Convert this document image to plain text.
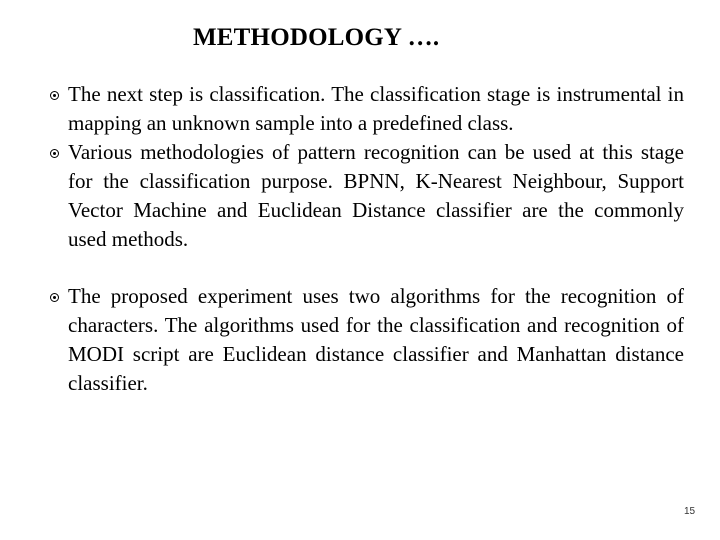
METHODOLOGY ….
The next step is classification. The classification stage is instrumental in mapping an unknown sample into a predefined class.
Various methodologies of pattern recognition can be used at this stage for the classification purpose. BPNN, K-Nearest Neighbour, Support Vector Machine and Euclidean Distance classifier are the commonly used methods.
The proposed experiment uses two algorithms for the recognition of characters. The algorithms used for the classification and recognition of MODI script are Euclidean distance classifier and Manhattan distance classifier.
15
